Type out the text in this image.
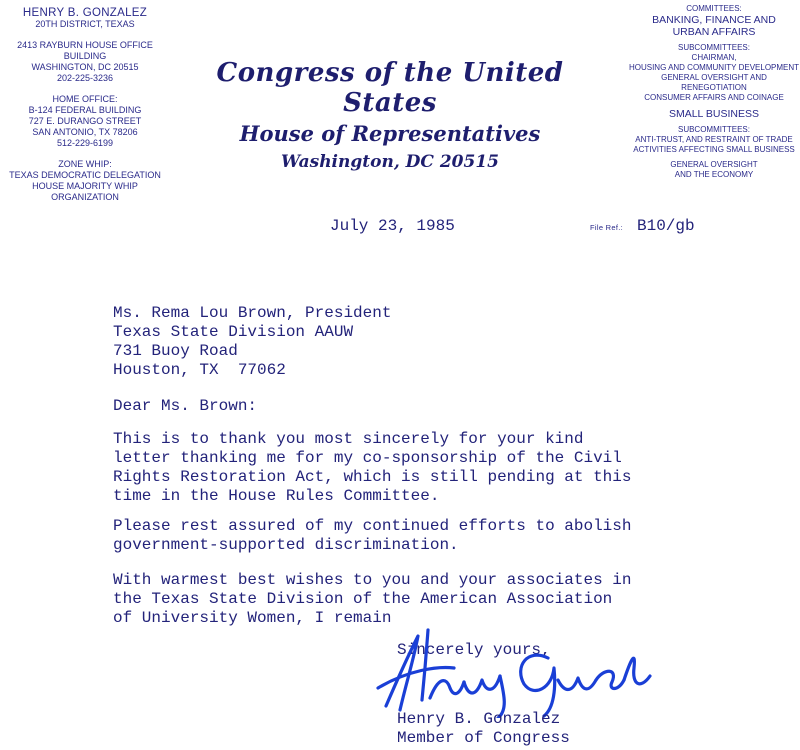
HENRY B. GONZALEZ
20TH DISTRICT, TEXAS
2413 RAYBURN HOUSE OFFICE BUILDING
WASHINGTON, DC 20515
202-225-3236
HOME OFFICE:
B-124 FEDERAL BUILDING
727 E. DURANGO STREET
SAN ANTONIO, TX 78206
512-229-6199
ZONE WHIP:
TEXAS DEMOCRATIC DELEGATION
HOUSE MAJORITY WHIP ORGANIZATION
Congress of the United States
House of Representatives
Washington, DC 20515
COMMITTEES:
BANKING, FINANCE AND
URBAN AFFAIRS
SUBCOMMITTEES:
CHAIRMAN,
HOUSING AND COMMUNITY DEVELOPMENT
GENERAL OVERSIGHT AND RENEGOTIATION
CONSUMER AFFAIRS AND COINAGE
SMALL BUSINESS
SUBCOMMITTEES:
ANTI-TRUST, AND RESTRAINT OF TRADE
ACTIVITIES AFFECTING SMALL BUSINESS
GENERAL OVERSIGHT
AND THE ECONOMY
July 23, 1985	File Ref.: B10/gb
Ms. Rema Lou Brown, President
Texas State Division AAUW
731 Buoy Road
Houston, TX  77062
Dear Ms. Brown:
This is to thank you most sincerely for your kind
letter thanking me for my co-sponsorship of the Civil
Rights Restoration Act, which is still pending at this
time in the House Rules Committee.
Please rest assured of my continued efforts to abolish
government-supported discrimination.
With warmest best wishes to you and your associates in
the Texas State Division of the American Association
of University Women, I remain
Sincerely yours,
Henry B. Gonzalez
Member of Congress
